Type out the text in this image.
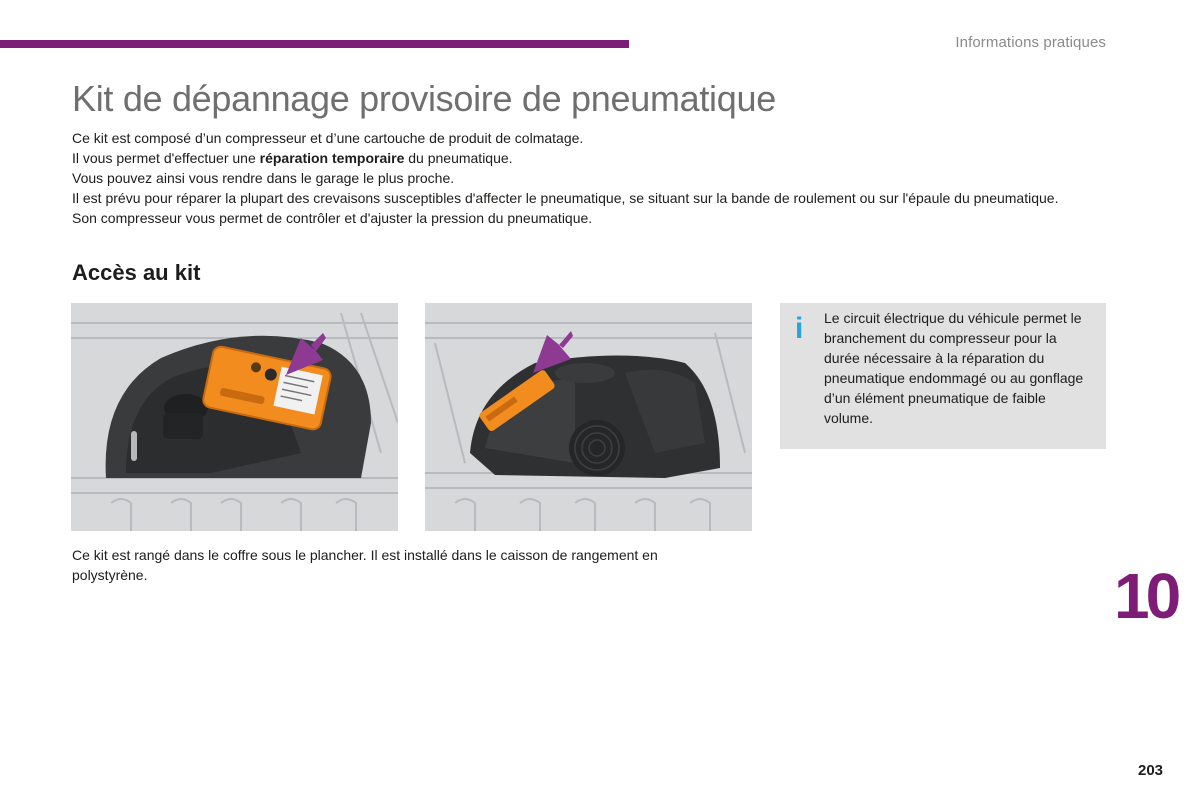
Informations pratiques
Kit de dépannage provisoire de pneumatique

Ce kit est composé d’un compresseur et d’une cartouche de produit de colmatage.

Il vous permet d'effectuer une réparation temporaire du pneumatique.

Vous pouvez ainsi vous rendre dans le garage le plus proche.

Il est prévu pour réparer la plupart des crevaisons susceptibles d'affecter le pneumatique, se situant sur la bande de roulement ou sur l'épaule du pneumatique.

Son compresseur vous permet de contrôler et d'ajuster la pression du pneumatique.

Accès au kit
i Le circuit électrique du véhicule permet le branchement du compresseur pour la durée nécessaire à la réparation du pneumatique endommagé ou au gonflage d’un élément pneumatique de faible volume.
Ce kit est rangé dans le coffre sous le plancher. Il est installé dans le caisson de rangement en polystyrène.	10
203
